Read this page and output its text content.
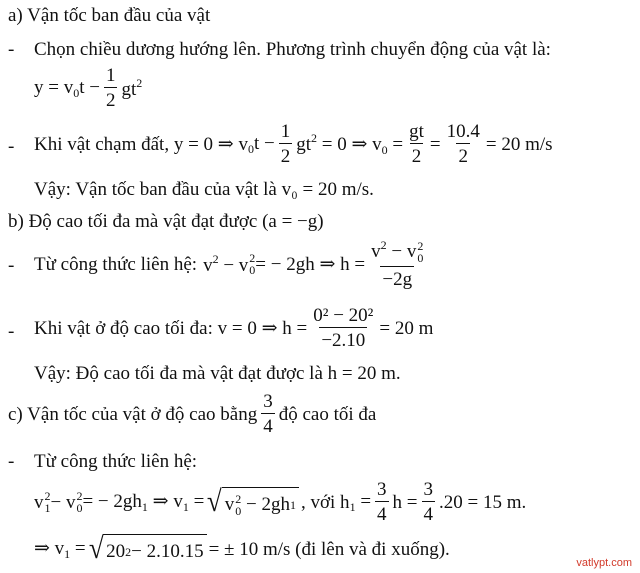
a) Vận tốc ban đầu của vật
- Chọn chiều dương hướng lên. Phương trình chuyển động của vật là:
$y = v_0t - \frac{1}{2} gt^2$
- Khi vật chạm đất, y = 0 ⇒ v $_0t - \frac{1}{2} gt^2 = 0$ ⇒ $v_0 = \frac{gt}{2} = \frac{10.4}{2} = 20$ m/s
Vậy: Vận tốc ban đầu của vật là v₀ = 20 m/s.
b) Độ cao tối đa mà vật đạt được (a = −g)
- Từ công thức liên hệ: $v^2 - v$ 2
0 = − 2gh ⇒ $h = v^2 - v$ 2
0
−2g
- Khi vật ở độ cao tối đa: v = 0 ⇒ $h = \frac{\text{0² − 20²}}{-2.10} = 20$ m
Vậy: Độ cao tối đa mà vật đạt được là h = 20 m.
c) Vận tốc của vật ở độ cao bằng $\frac{3}{4}$ độ cao tối đa
- Từ công thức liên hệ:
v 2
1 − v 2
0 = − $2gh_1$ ⇒ $v_1$ = √ v 2
0 − 2gh 1 , với h $_1 = \frac{3}{4}$ $h = \frac{3}{4} .20 = 15$ m.
⇒ $v_1$ = √ 20 2 − 2.10.15 = ± 10 m/s (đi lên và đi xuống).
vatlypt.com
